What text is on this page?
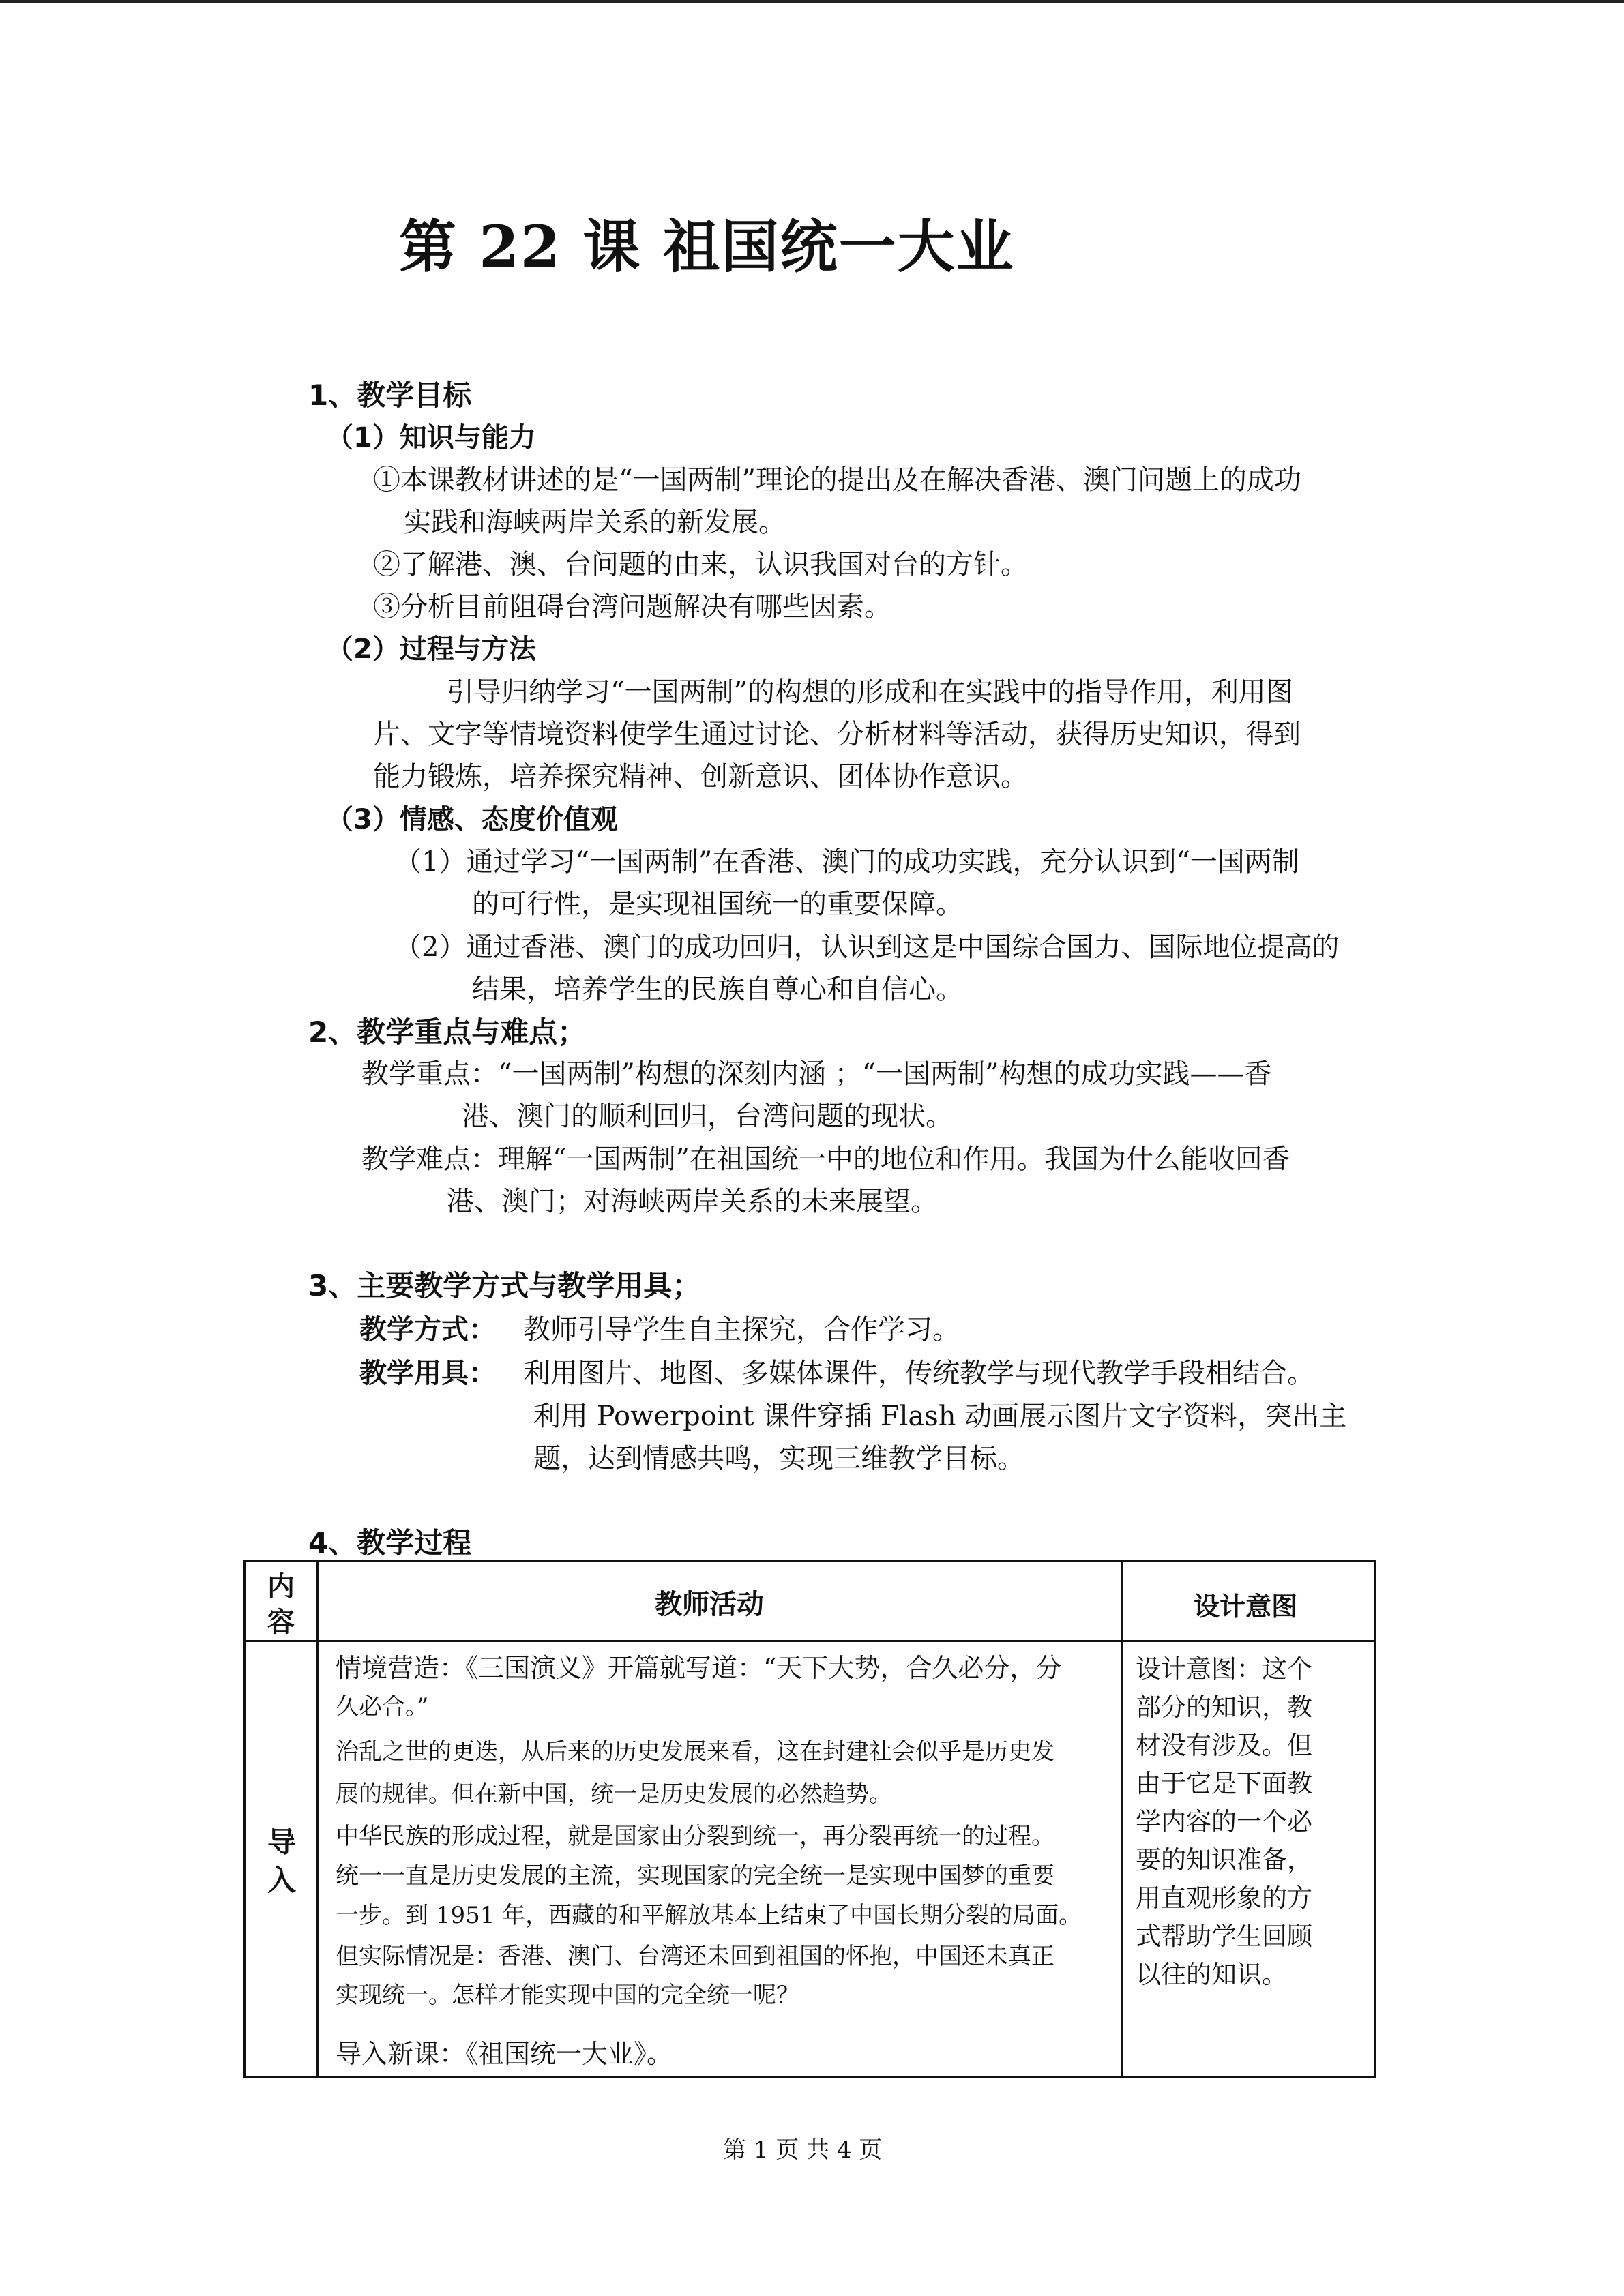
第 22 课 祖国统一大业
1、教学目标
（1）知识与能力
①本课教材讲述的是“一国两制”理论的提出及在解决香港、澳门问题上的成功
实践和海峡两岸关系的新发展。
②了解港、澳、台问题的由来，认识我国对台的方针。
③分析目前阻碍台湾问题解决有哪些因素。
（2）过程与方法
引导归纳学习“一国两制”的构想的形成和在实践中的指导作用，利用图
片、文字等情境资料使学生通过讨论、分析材料等活动，获得历史知识，得到
能力锻炼，培养探究精神、创新意识、团体协作意识。
（3）情感、态度价值观
（1）通过学习“一国两制”在香港、澳门的成功实践，充分认识到“一国两制
的可行性，是实现祖国统一的重要保障。
（2）通过香港、澳门的成功回归，认识到这是中国综合国力、国际地位提高的
结果，培养学生的民族自尊心和自信心。
2、教学重点与难点；
教学重点：“一国两制”构想的深刻内涵 ；“一国两制”构想的成功实践——香
港、澳门的顺利回归，台湾问题的现状。
教学难点：理解“一国两制”在祖国统一中的地位和作用。我国为什么能收回香
港、澳门；对海峡两岸关系的未来展望。
3、主要教学方式与教学用具；
教学方式： 教师引导学生自主探究，合作学习。
教学用具： 利用图片、地图、多媒体课件，传统教学与现代教学手段相结合。
利用 Powerpoint 课件穿插 Flash 动画展示图片文字资料，突出主
题，达到情感共鸣，实现三维教学目标。
4、教学过程
内
容
教师活动	设计意图
导
入
情境营造：《三国演义》开篇就写道：“天下大势，合久必分，分
久必合。”
治乱之世的更迭，从后来的历史发展来看，这在封建社会似乎是历史发
展的规律。但在新中国，统一是历史发展的必然趋势。
中华民族的形成过程，就是国家由分裂到统一，再分裂再统一的过程。
统一一直是历史发展的主流，实现国家的完全统一是实现中国梦的重要
一步。到 1951 年，西藏的和平解放基本上结束了中国长期分裂的局面。
但实际情况是：香港、澳门、台湾还未回到祖国的怀抱，中国还未真正
实现统一。怎样才能实现中国的完全统一呢？
导入新课：《祖国统一大业》。
设计意图：这个
部分的知识，教
材没有涉及。但
由于它是下面教
学内容的一个必
要的知识准备，
用直观形象的方
式帮助学生回顾
以往的知识。
第 1 页 共 4 页
